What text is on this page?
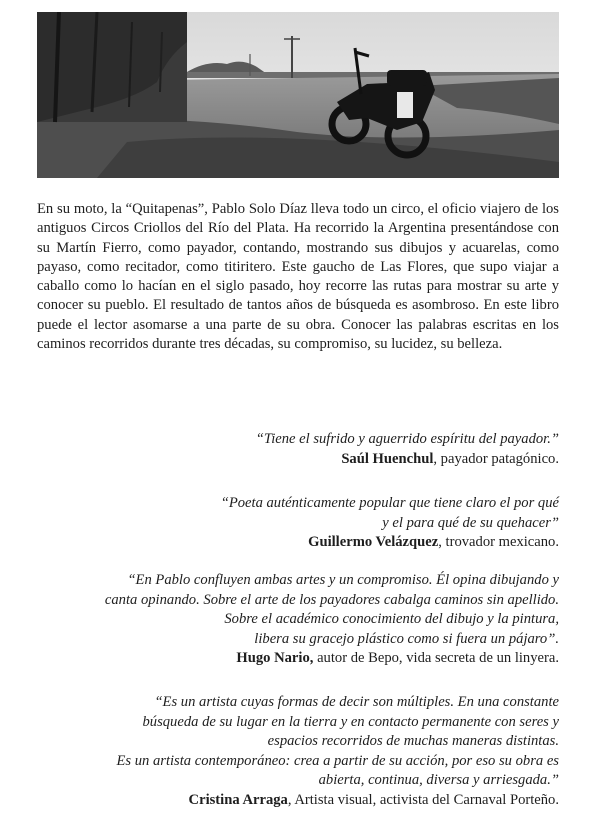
En su moto, la “Quitapenas”, Pablo Solo Díaz lleva todo un circo, el oficio viajero de los antiguos Circos Criollos del Río del Plata. Ha recorrido la Argentina presentándose con su Martín Fierro, como payador, contando, mostrando sus dibujos y acuarelas, como payaso, como recitador, como titiritero. Este gaucho de Las Flores, que supo viajar a caballo como lo hacían en el siglo pasado, hoy recorre las rutas para mostrar su arte y conocer su pueblo. El resultado de tantos años de búsqueda es asombroso. En este libro puede el lector asomarse a una parte de su obra. Conocer las palabras escritas en los caminos recorridos durante tres décadas, su compromiso, su lucidez, su belleza.

“Tiene el sufrido y aguerrido espíritu del payador.”
Saúl Huenchul, payador patagónico.
“Poeta auténticamente popular que tiene claro el por qué
y el para qué de su quehacer”
Guillermo Velázquez, trovador mexicano.
“En Pablo confluyen ambas artes y un compromiso. Él opina dibujando y
canta opinando. Sobre el arte de los payadores cabalga caminos sin apellido.
Sobre el académico conocimiento del dibujo y la pintura,
libera su gracejo plástico como si fuera un pájaro”.
Hugo Nario, autor de Bepo, vida secreta de un linyera.
“Es un artista cuyas formas de decir son múltiples. En una constante
búsqueda de su lugar en la tierra y en contacto permanente con seres y
espacios recorridos de muchas maneras distintas.
Es un artista contemporáneo: crea a partir de su acción, por eso su obra es
abierta, continua, diversa y arriesgada.”
Cristina Arraga, Artista visual, activista del Carnaval Porteño.
